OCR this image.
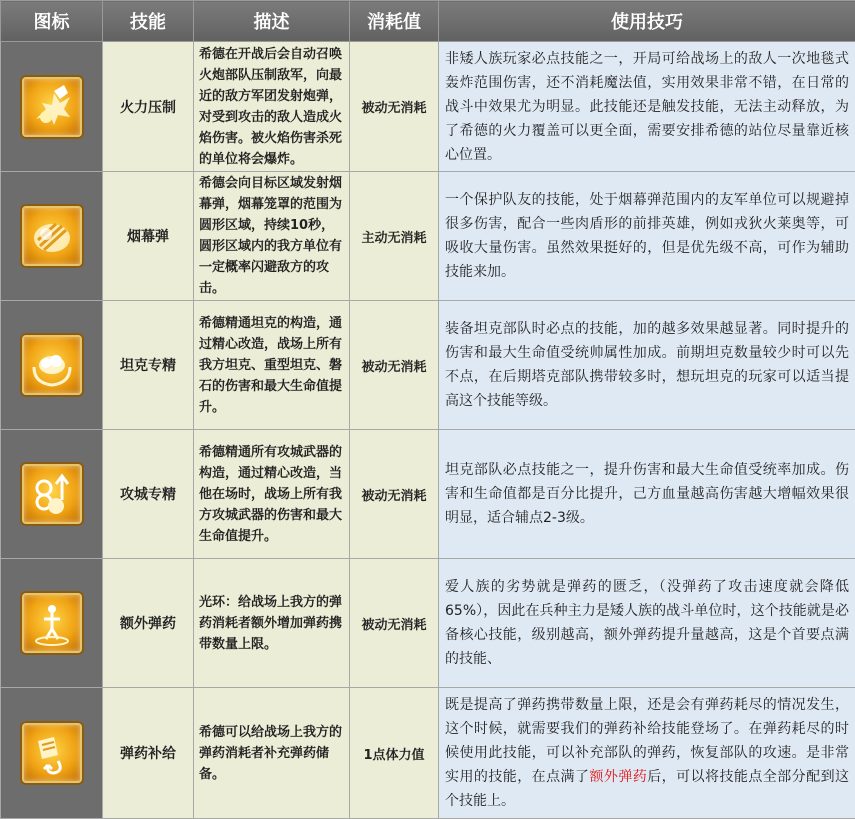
图标	技能	描述	消耗值	使用技巧

	火力压制	希德在开战后会自动召唤火炮部队压制敌军，向最近的敌方军团发射炮弹，对受到攻击的敌人造成火焰伤害。被火焰伤害杀死的单位将会爆炸。	被动无消耗	非矮人族玩家必点技能之一，开局可给战场上的敌人一次地毯式轰炸范围伤害，还不消耗魔法值，实用效果非常不错，在日常的战斗中效果尤为明显。此技能还是触发技能，无法主动释放，为了希德的火力覆盖可以更全面，需要安排希德的站位尽量靠近核心位置。

	烟幕弹	希德会向目标区域发射烟幕弹，烟幕笼罩的范围为圆形区域，持续10秒，圆形区域内的我方单位有一定概率闪避敌方的攻击。	主动无消耗	一个保护队友的技能，处于烟幕弹范围内的友军单位可以规避掉很多伤害，配合一些肉盾形的前排英雄，例如戎狄火莱奥等，可吸收大量伤害。虽然效果挺好的，但是优先级不高，可作为辅助技能来加。

	坦克专精	希德精通坦克的构造，通过精心改造，战场上所有我方坦克、重型坦克、磐石的伤害和最大生命值提升。	被动无消耗	装备坦克部队时必点的技能，加的越多效果越显著。同时提升的伤害和最大生命值受统帅属性加成。前期坦克数量较少时可以先不点，在后期塔克部队携带较多时，想玩坦克的玩家可以适当提高这个技能等级。

	攻城专精	希德精通所有攻城武器的构造，通过精心改造，当他在场时，战场上所有我方攻城武器的伤害和最大生命值提升。	被动无消耗	坦克部队必点技能之一，提升伤害和最大生命值受统率加成。伤害和生命值都是百分比提升，己方血量越高伤害越大增幅效果很明显，适合辅点2-3级。

	额外弹药	光环：给战场上我方的弹药消耗者额外增加弹药携带数量上限。	被动无消耗	爱人族的劣势就是弹药的匮乏，（没弹药了攻击速度就会降低65%），因此在兵种主力是矮人族的战斗单位时，这个技能就是必备核心技能，级别越高，额外弹药提升量越高，这是个首要点满的技能、

	弹药补给	希德可以给战场上我方的弹药消耗者补充弹药储备。	1点体力值	既是提高了弹药携带数量上限，还是会有弹药耗尽的情况发生，这个时候，就需要我们的弹药补给技能登场了。在弹药耗尽的时候使用此技能，可以补充部队的弹药，恢复部队的攻速。是非常实用的技能，在点满了额外弹药后，可以将技能点全部分配到这个技能上。
